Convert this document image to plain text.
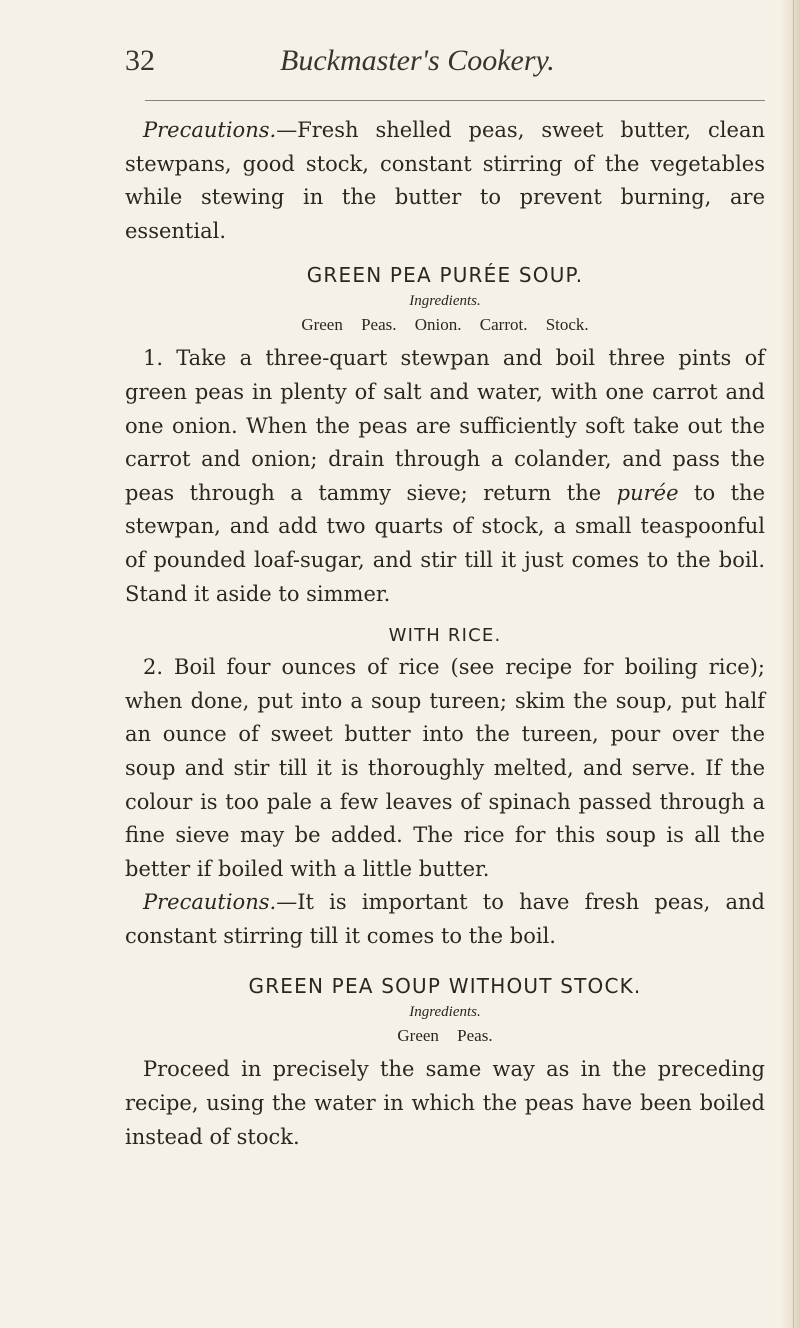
32	Buckmaster's Cookery.

Precautions.—Fresh shelled peas, sweet butter, clean stewpans, good stock, constant stirring of the vegetables while stewing in the butter to prevent burning, are essential.

GREEN PEA PURÉE SOUP.
Ingredients.
Green Peas. Onion. Carrot. Stock.

1. Take a three-quart stewpan and boil three pints of green peas in plenty of salt and water, with one carrot and one onion. When the peas are sufficiently soft take out the carrot and onion; drain through a colander, and pass the peas through a tammy sieve; return the purée to the stewpan, and add two quarts of stock, a small teaspoonful of pounded loaf-sugar, and stir till it just comes to the boil. Stand it aside to simmer.

WITH RICE.

2. Boil four ounces of rice (see recipe for boiling rice); when done, put into a soup tureen; skim the soup, put half an ounce of sweet butter into the tureen, pour over the soup and stir till it is thoroughly melted, and serve. If the colour is too pale a few leaves of spinach passed through a fine sieve may be added. The rice for this soup is all the better if boiled with a little butter.

Precautions.—It is important to have fresh peas, and constant stirring till it comes to the boil.

GREEN PEA SOUP WITHOUT STOCK.
Ingredients.
Green Peas.

Proceed in precisely the same way as in the preceding recipe, using the water in which the peas have been boiled instead of stock.
